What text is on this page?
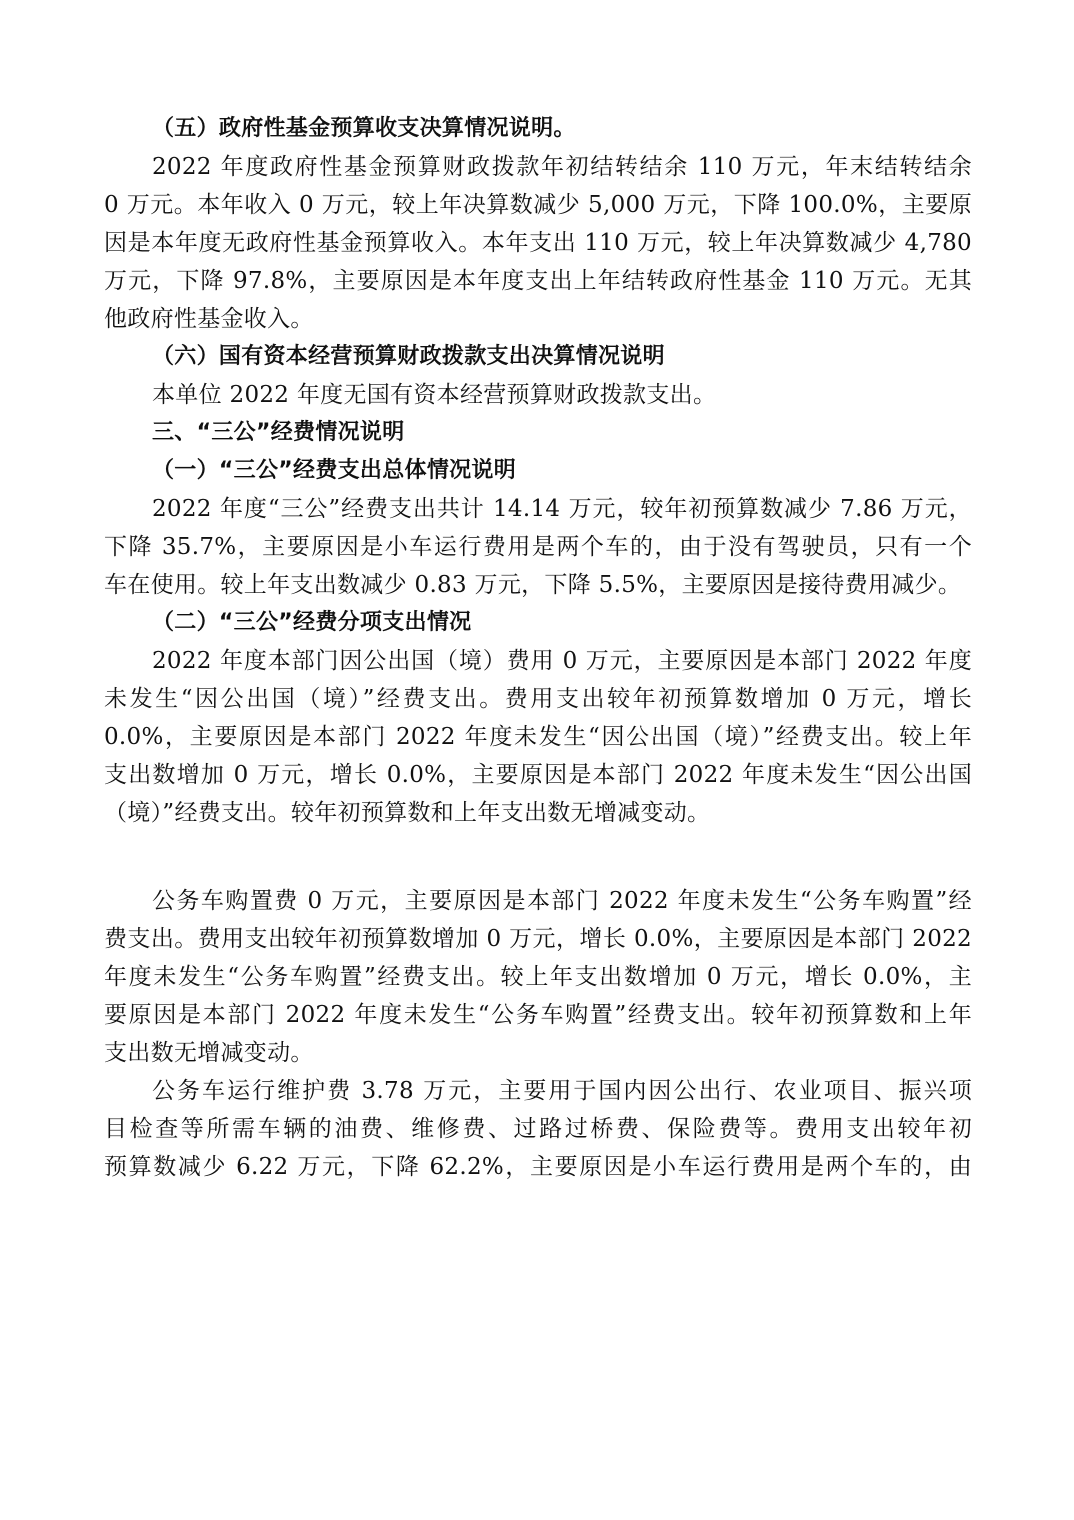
（五）政府性基金预算收支决算情况说明。
2022 年度政府性基金预算财政拨款年初结转结余 110 万元，年末结转结余
0 万元。本年收入 0 万元，较上年决算数减少 5,000 万元，下降 100.0%，主要原
因是本年度无政府性基金预算收入。本年支出 110 万元，较上年决算数减少 4,780
万元，下降 97.8%，主要原因是本年度支出上年结转政府性基金 110 万元。无其
他政府性基金收入。
（六）国有资本经营预算财政拨款支出决算情况说明
本单位 2022 年度无国有资本经营预算财政拨款支出。
三、“三公”经费情况说明
（一）“三公”经费支出总体情况说明
2022 年度“三公”经费支出共计 14.14 万元，较年初预算数减少 7.86 万元，
下降 35.7%，主要原因是小车运行费用是两个车的，由于没有驾驶员，只有一个
车在使用。较上年支出数减少 0.83 万元，下降 5.5%，主要原因是接待费用减少。
（二）“三公”经费分项支出情况
2022 年度本部门因公出国（境）费用 0 万元，主要原因是本部门 2022 年度
未发生“因公出国（境）”经费支出。费用支出较年初预算数增加 0 万元，增长
0.0%，主要原因是本部门 2022 年度未发生“因公出国（境）”经费支出。较上年
支出数增加 0 万元，增长 0.0%，主要原因是本部门 2022 年度未发生“因公出国
（境）”经费支出。较年初预算数和上年支出数无增减变动。
公务车购置费 0 万元，主要原因是本部门 2022 年度未发生“公务车购置”经
费支出。费用支出较年初预算数增加 0 万元，增长 0.0%，主要原因是本部门 2022
年度未发生“公务车购置”经费支出。较上年支出数增加 0 万元，增长 0.0%，主
要原因是本部门 2022 年度未发生“公务车购置”经费支出。较年初预算数和上年
支出数无增减变动。
公务车运行维护费 3.78 万元，主要用于国内因公出行、农业项目、振兴项
目检查等所需车辆的油费、维修费、过路过桥费、保险费等。费用支出较年初
预算数减少 6.22 万元，下降 62.2%，主要原因是小车运行费用是两个车的，由
